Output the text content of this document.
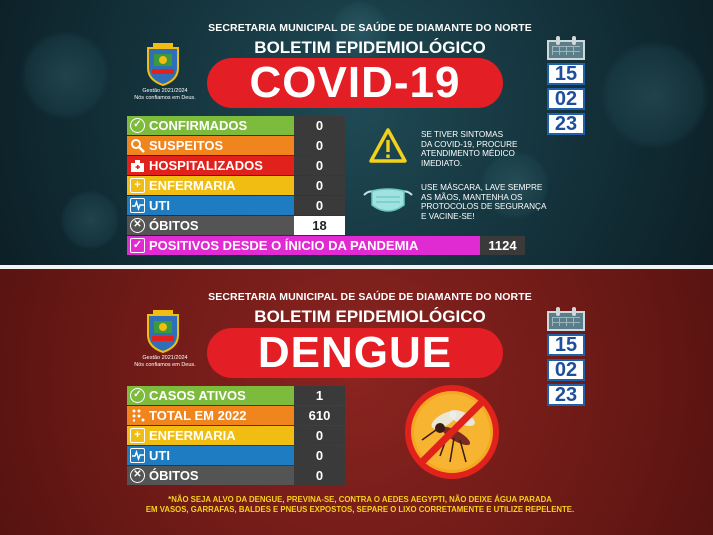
SECRETARIA MUNICIPAL DE SAÚDE DE DIAMANTE DO NORTE
BOLETIM EPIDEMIOLÓGICO
COVID-19
Gestão 2021/2024
Nós confiamos em Deus.
15
02
23
✓ CONFIRMADOS	0
SUSPEITOS	0
HOSPITALIZADOS	0
+ ENFERMARIA	0
UTI	0
✕ ÓBITOS	18
✓ POSITIVOS DESDE O ÍNICIO DA PANDEMIA	1124
SE TIVER SINTOMAS
DA COVID-19, PROCURE
ATENDIMENTO MÉDICO
IMEDIATO.
USE MÁSCARA, LAVE SEMPRE
AS MÃOS, MANTENHA OS
PROTOCOLOS DE SEGURANÇA
E VACINE-SE!
SECRETARIA MUNICIPAL DE SAÚDE DE DIAMANTE DO NORTE
BOLETIM EPIDEMIOLÓGICO
DENGUE
Gestão 2021/2024
Nós confiamos em Deus.
15
02
23
✓ CASOS ATIVOS	1
TOTAL EM 2022	610
+ ENFERMARIA	0
UTI	0
✕ ÓBITOS	0
*NÃO SEJA ALVO DA DENGUE, PREVINA-SE, CONTRA O AEDES AEGYPTI, NÃO DEIXE ÁGUA PARADA
EM VASOS, GARRAFAS, BALDES E PNEUS EXPOSTOS, SEPARE O LIXO CORRETAMENTE E UTILIZE REPELENTE.
